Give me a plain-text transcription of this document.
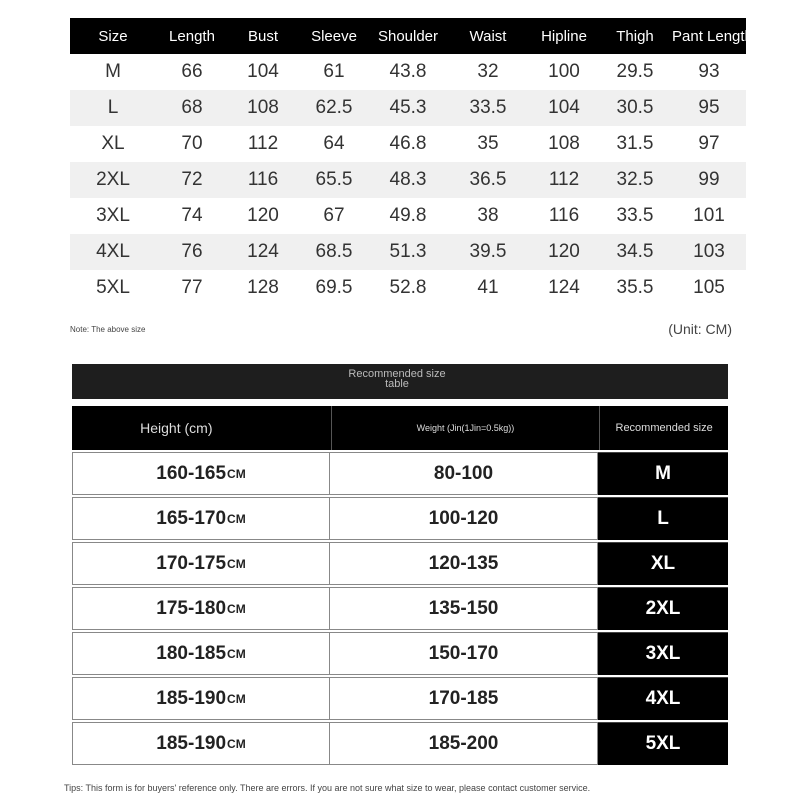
Size	Length	Bust	Sleeve	Shoulder	Waist	Hipline	Thigh	Pant Length
M	66	104	61	43.8	32	100	29.5	93
L	68	108	62.5	45.3	33.5	104	30.5	95
XL	70	112	64	46.8	35	108	31.5	97
2XL	72	116	65.5	48.3	36.5	112	32.5	99
3XL	74	120	67	49.8	38	116	33.5	101
4XL	76	124	68.5	51.3	39.5	120	34.5	103
5XL	77	128	69.5	52.8	41	124	35.5	105
Note: The above size	(Unit: CM)
Recommended size table
Height (cm)	Weight (Jin(1Jin=0.5kg))	Recommended size
160-165 CM	80-100	M
165-170 CM	100-120	L
170-175 CM	120-135	XL
175-180 CM	135-150	2XL
180-185 CM	150-170	3XL
185-190 CM	170-185	4XL
185-190 CM	185-200	5XL
Tips: This form is for buyers' reference only. There are errors. If you are not sure what size to wear, please contact customer service.
